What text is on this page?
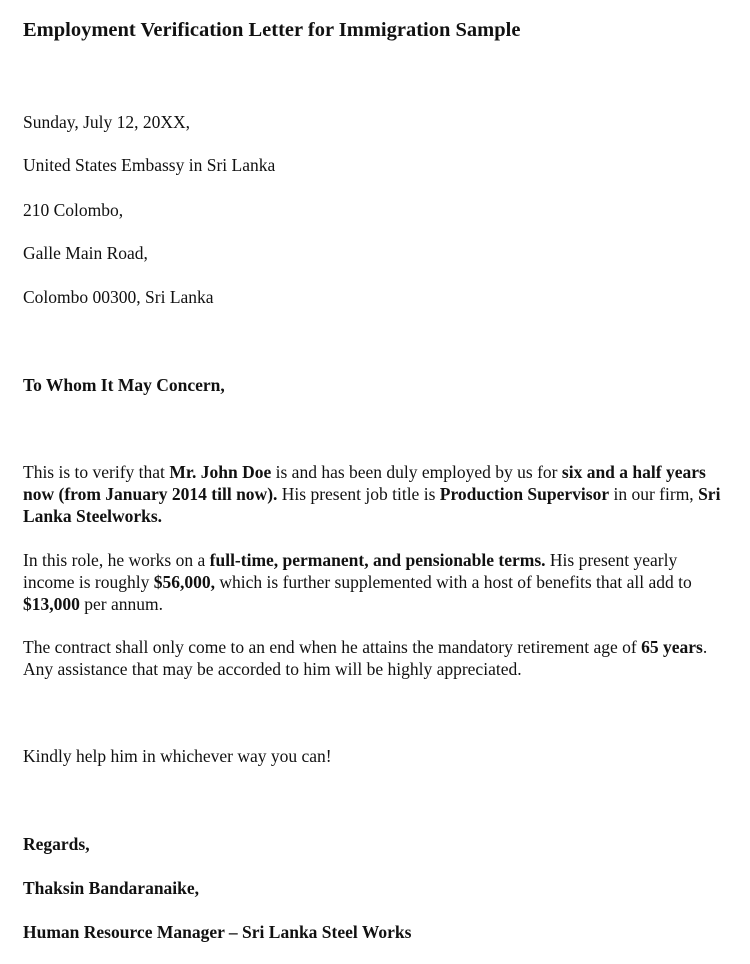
Employment Verification Letter for Immigration Sample
Sunday, July 12, 20XX,
United States Embassy in Sri Lanka
210 Colombo,
Galle Main Road,
Colombo 00300, Sri Lanka
To Whom It May Concern,
This is to verify that Mr. John Doe is and has been duly employed by us for six and a half years now (from January 2014 till now). His present job title is Production Supervisor in our firm, Sri Lanka Steelworks.
In this role, he works on a full-time, permanent, and pensionable terms. His present yearly income is roughly $56,000, which is further supplemented with a host of benefits that all add to $13,000 per annum.
The contract shall only come to an end when he attains the mandatory retirement age of 65 years. Any assistance that may be accorded to him will be highly appreciated.
Kindly help him in whichever way you can!
Regards,
Thaksin Bandaranaike,
Human Resource Manager – Sri Lanka Steel Works
